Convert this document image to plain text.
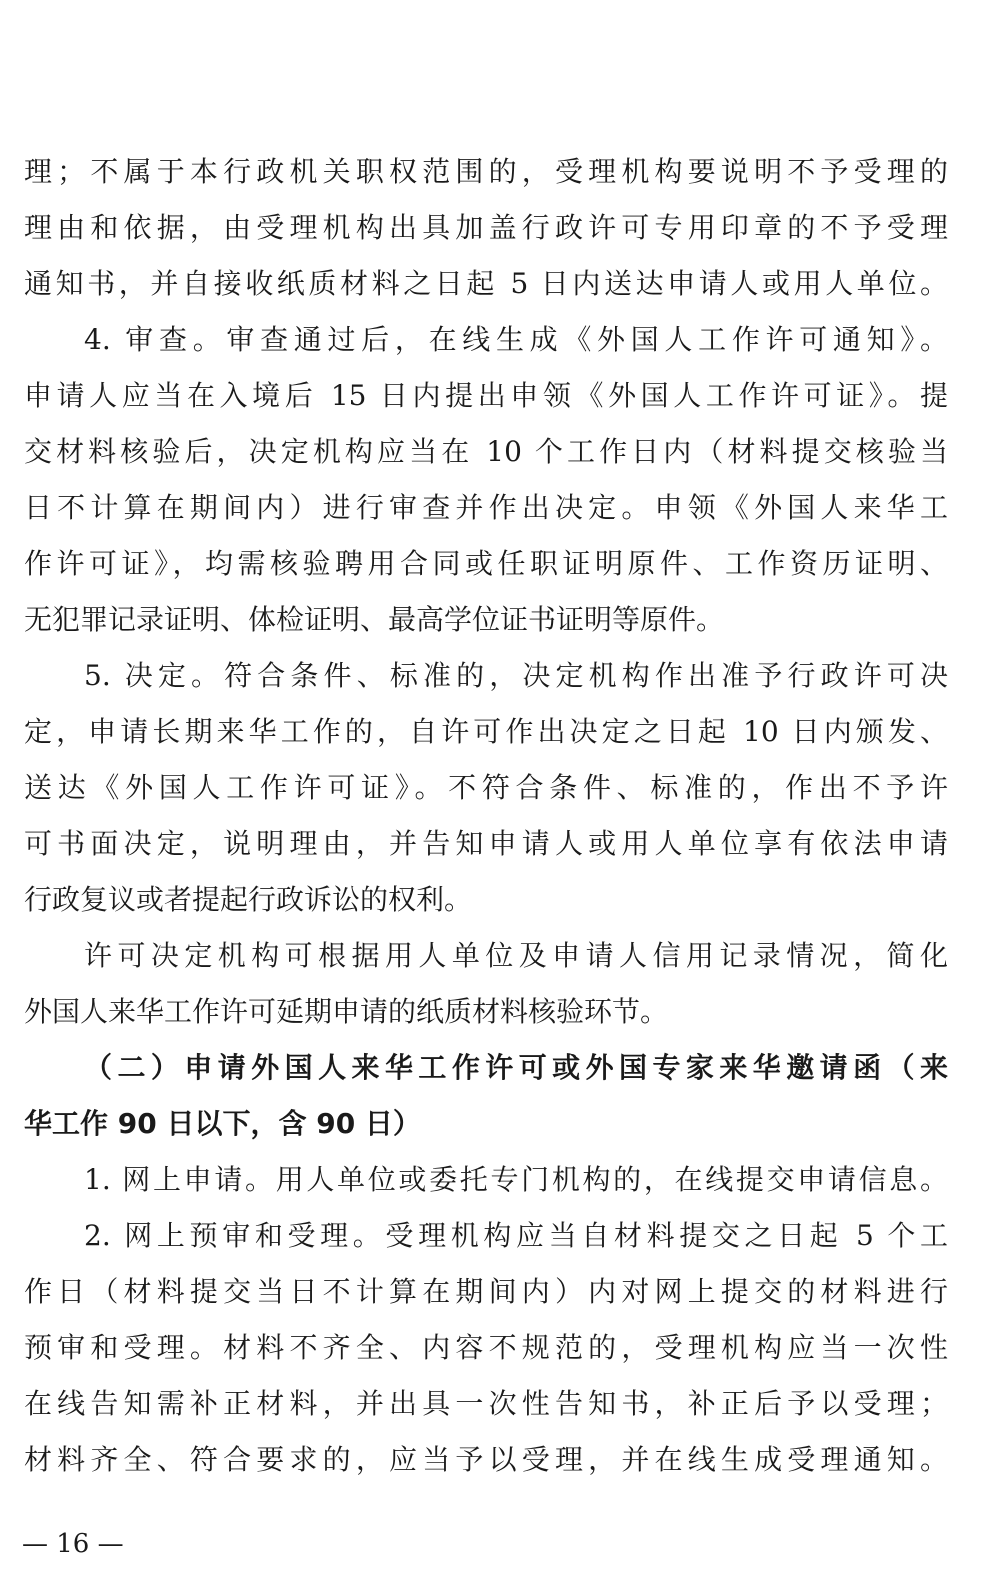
理；不属于本行政机关职权范围的，受理机构要说明不予受理的
理由和依据，由受理机构出具加盖行政许可专用印章的不予受理
通知书，并自接收纸质材料之日起 5 日内送达申请人或用人单位。
4. 审查。审查通过后，在线生成《外国人工作许可通知》。
申请人应当在入境后 15 日内提出申领《外国人工作许可证》。提
交材料核验后，决定机构应当在 10 个工作日内（材料提交核验当
日不计算在期间内）进行审查并作出决定。申领《外国人来华工
作许可证》，均需核验聘用合同或任职证明原件、工作资历证明、
无犯罪记录证明、体检证明、最高学位证书证明等原件。
5. 决定。符合条件、标准的，决定机构作出准予行政许可决
定，申请长期来华工作的，自许可作出决定之日起 10 日内颁发、
送达《外国人工作许可证》。不符合条件、标准的，作出不予许
可书面决定，说明理由，并告知申请人或用人单位享有依法申请
行政复议或者提起行政诉讼的权利。
许可决定机构可根据用人单位及申请人信用记录情况，简化
外国人来华工作许可延期申请的纸质材料核验环节。
（二）申请外国人来华工作许可或外国专家来华邀请函（来
华工作 90 日以下，含 90 日）
1. 网上申请。用人单位或委托专门机构的，在线提交申请信息。
2. 网上预审和受理。受理机构应当自材料提交之日起 5 个工
作日（材料提交当日不计算在期间内）内对网上提交的材料进行
预审和受理。材料不齐全、内容不规范的，受理机构应当一次性
在线告知需补正材料，并出具一次性告知书，补正后予以受理；
材料齐全、符合要求的，应当予以受理，并在线生成受理通知。
— 16 —
